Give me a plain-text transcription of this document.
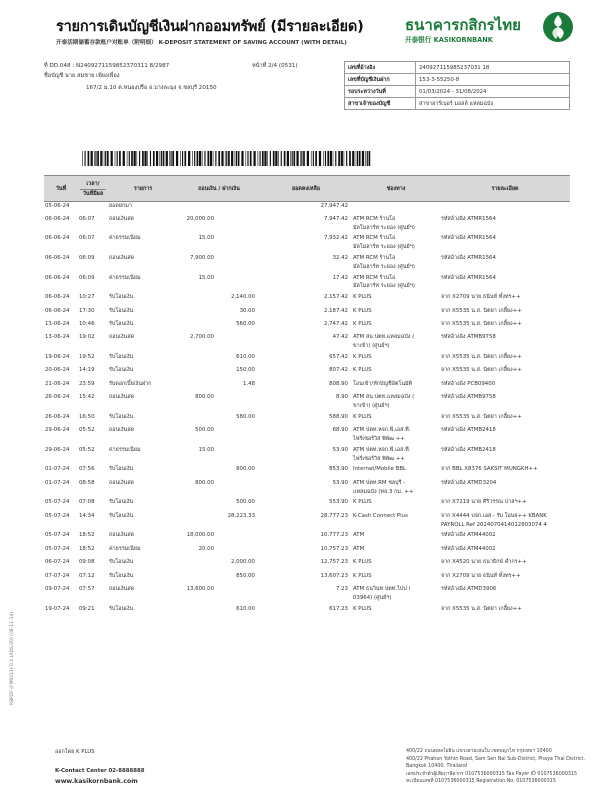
รายการเดินบัญชีเงินฝากออมทรัพย์ (มีรายละเอียด)
开泰活期储蓄存款账户对账单（附明细） K-DEPOSIT STATEMENT OF SAVING ACCOUNT (WITH DETAIL)
ธนาคารกสิกรไทย
开泰银行 KASIKORNBANK
ที่ DD.048 : N2409271159852370311 8/2987	หน้าที่ 2/4 (0531)
ชื่อบัญชี นาย สมชาย เพียงเพื่อง
167/2 ม.10 ต.หนองปรือ อ.บางละมุง จ.ชลบุรี 20150
เลขที่อ้างอิง	240927115985237031 18
เลขที่บัญชีเงินฝาก	153-3-55250-8
รอบระหว่างวันที่	01/03/2024 - 31/08/2024
สาขาเจ้าของบัญชี	สาขาฮาร์เบอร์ มอลล์ แหลมฉบัง
วันที่	เวลา/
วันที่มีผล	รายการ	ถอนเงิน / ฝากเงิน	ยอดคงเหลือ	ช่องทาง	รายละเอียด
05-06-24		ยอดยกมา		27,947.42	

06-06-24	06:07	ถอนเงินสด	20,000.00	7,947.42	ATM RCM ร้านโอ
มัลโมลาร์ท ระยอง (ศูนย์ฯ)	รหัสอ้างอิง ATMR1564

06-06-24	06:07	ค่าธรรมเนียม	15.00	7,932.42	ATM RCM ร้านโอ
มัลโมลาร์ท ระยอง (ศูนย์ฯ)	รหัสอ้างอิง ATMR1564

06-06-24	06:09	ถอนเงินสด	7,900.00	32.42	ATM RCM ร้านโอ
มัลโมลาร์ท ระยอง (ศูนย์ฯ)	รหัสอ้างอิง ATMR1564

06-06-24	06:09	ค่าธรรมเนียม	15.00	17.42	ATM RCM ร้านโอ
มัลโมลาร์ท ระยอง (ศูนย์ฯ)	รหัสอ้างอิง ATMR1564

06-06-24	10:27	รับโอนเงิน	2,140.00	2,157.42	K PLUS	จาก X2709 นาย ธนินท์ ทั้งทร++

06-06-24	17:30	รับโอนเงิน	30.00	2,187.42	K PLUS	จาก X5535 น.ส. นิตยา เกลี้ยง++

13-06-24	10:46	รับโอนเงิน	560.00	2,747.42	K PLUS	จาก X5535 น.ส. นิตยา เกลี้ยง++

13-06-24	19:02	ถอนเงินสด	2,700.00	47.42	ATM สน ปตท.แหลมฉบัง (
ขาเข้า) (ศูนย์ฯ)	รหัสอ้างอิง ATMB9758

19-06-24	19:52	รับโอนเงิน	610.00	657.42	K PLUS	จาก X5535 น.ส. นิตยา เกลี้ยง++

20-06-24	14:19	รับโอนเงิน	150.00	807.42	K PLUS	จาก X5535 น.ส. นิตยา เกลี้ยง++

21-06-24	23:59	รับดอกเบี้ยเงินฝาก	1.48	808.90	โอนเข้า/หักบัญชีอัตโนมัติ	รหัสอ้างอิง PCB09400

26-06-24	15:42	ถอนเงินสด	800.00	8.90	ATM สน ปตท.แหลมฉบัง (
ขาเข้า) (ศูนย์ฯ)	รหัสอ้างอิง ATMB9758

26-06-24	16:50	รับโอนเงิน	580.00	588.90	K PLUS	จาก X5535 น.ส. นิตยา เกลี้ยง++

29-06-24	05:52	ถอนเงินสด	500.00	68.90	ATM ปตท.หจก.พี.เอส.ที.
ไฟร์เซอร์วิส พิพัฒ ++	รหัสอ้างอิง ATMB2418

29-06-24	05:52	ค่าธรรมเนียม	15.00	53.90	ATM ปตท.หจก.พี.เอส.ที.
ไฟร์เซอร์วิส พิพัฒ ++	รหัสอ้างอิง ATMB2418

01-07-24	07:56	รับโอนเงิน	800.00	853.90	Internet/Mobile BBL	จาก BBL X8376 SAKSIT MUNGKH++

01-07-24	08:58	ถอนเงินสด	800.00	53.90	ATM ปตท.RM ชลบุรี -
แหลมฉบัง (ทล.3 กม. ++	รหัสอ้างอิง ATMD3204

05-07-24	07:08	รับโอนเงิน	500.00	553.90	K PLUS	จาก X7219 นาย ศิริวรรณ ปาลฯ++

05-07-24	14:34	รับโอนเงิน	28,223.33	28,777.23	K-Cash Connect Plus	จาก X4444 บจก.เอส - รับ โอนจ++ KBANK
PAYROLL Ref 2024070414012803074 4

05-07-24	18:52	ถอนเงินสด	18,000.00	10,777.23	ATM	รหัสอ้างอิง ATM44002

05-07-24	18:52	ค่าธรรมเนียม	20.00	10,757.23	ATM	รหัสอ้างอิง ATM44002

06-07-24	09:08	รับโอนเงิน	2,000.00	12,757.23	K PLUS	จาก X4520 นาย ธนาธิกษ์ คำกร++

07-07-24	07:12	รับโอนเงิน	850.00	13,607.23	K PLUS	จาก X2709 นาย ธนินท์ ทั้งทร++

09-07-24	07:57	ถอนเงินสด	13,600.00	7.23	ATM ธนวินท ปตท.ไปป (
03964) (ศูนย์ฯ)	รหัสอ้างอิง ATMD3906

19-07-24	09:21	รับโอนเงิน	610.00	617.23	K PLUS	จาก X5535 น.ส. นิตยา เกลี้ยง++
ออกโดย K PLUS
K-Contact Center 02-8888888
www.kasikornbank.com
400/22 ถนนพหลโยธิน แขวงสามเสนใน เขตพญาไท กรุงเทพฯ 10400
400/22 Phahon Yothin Road, Sam Sen Nai Sub-District, Phaya Thai District, Bangkok 10400, Thailand
เลขประจำตัวผู้เสียภาษีอากร 0107536000315 Tax Payer ID 0107536000315
ทะเบียนเลขที่ 0107536000315 Registration No. 0107536000315
KBPDF (FM0011) 0.1 (ADS.00) (08-11-14)
